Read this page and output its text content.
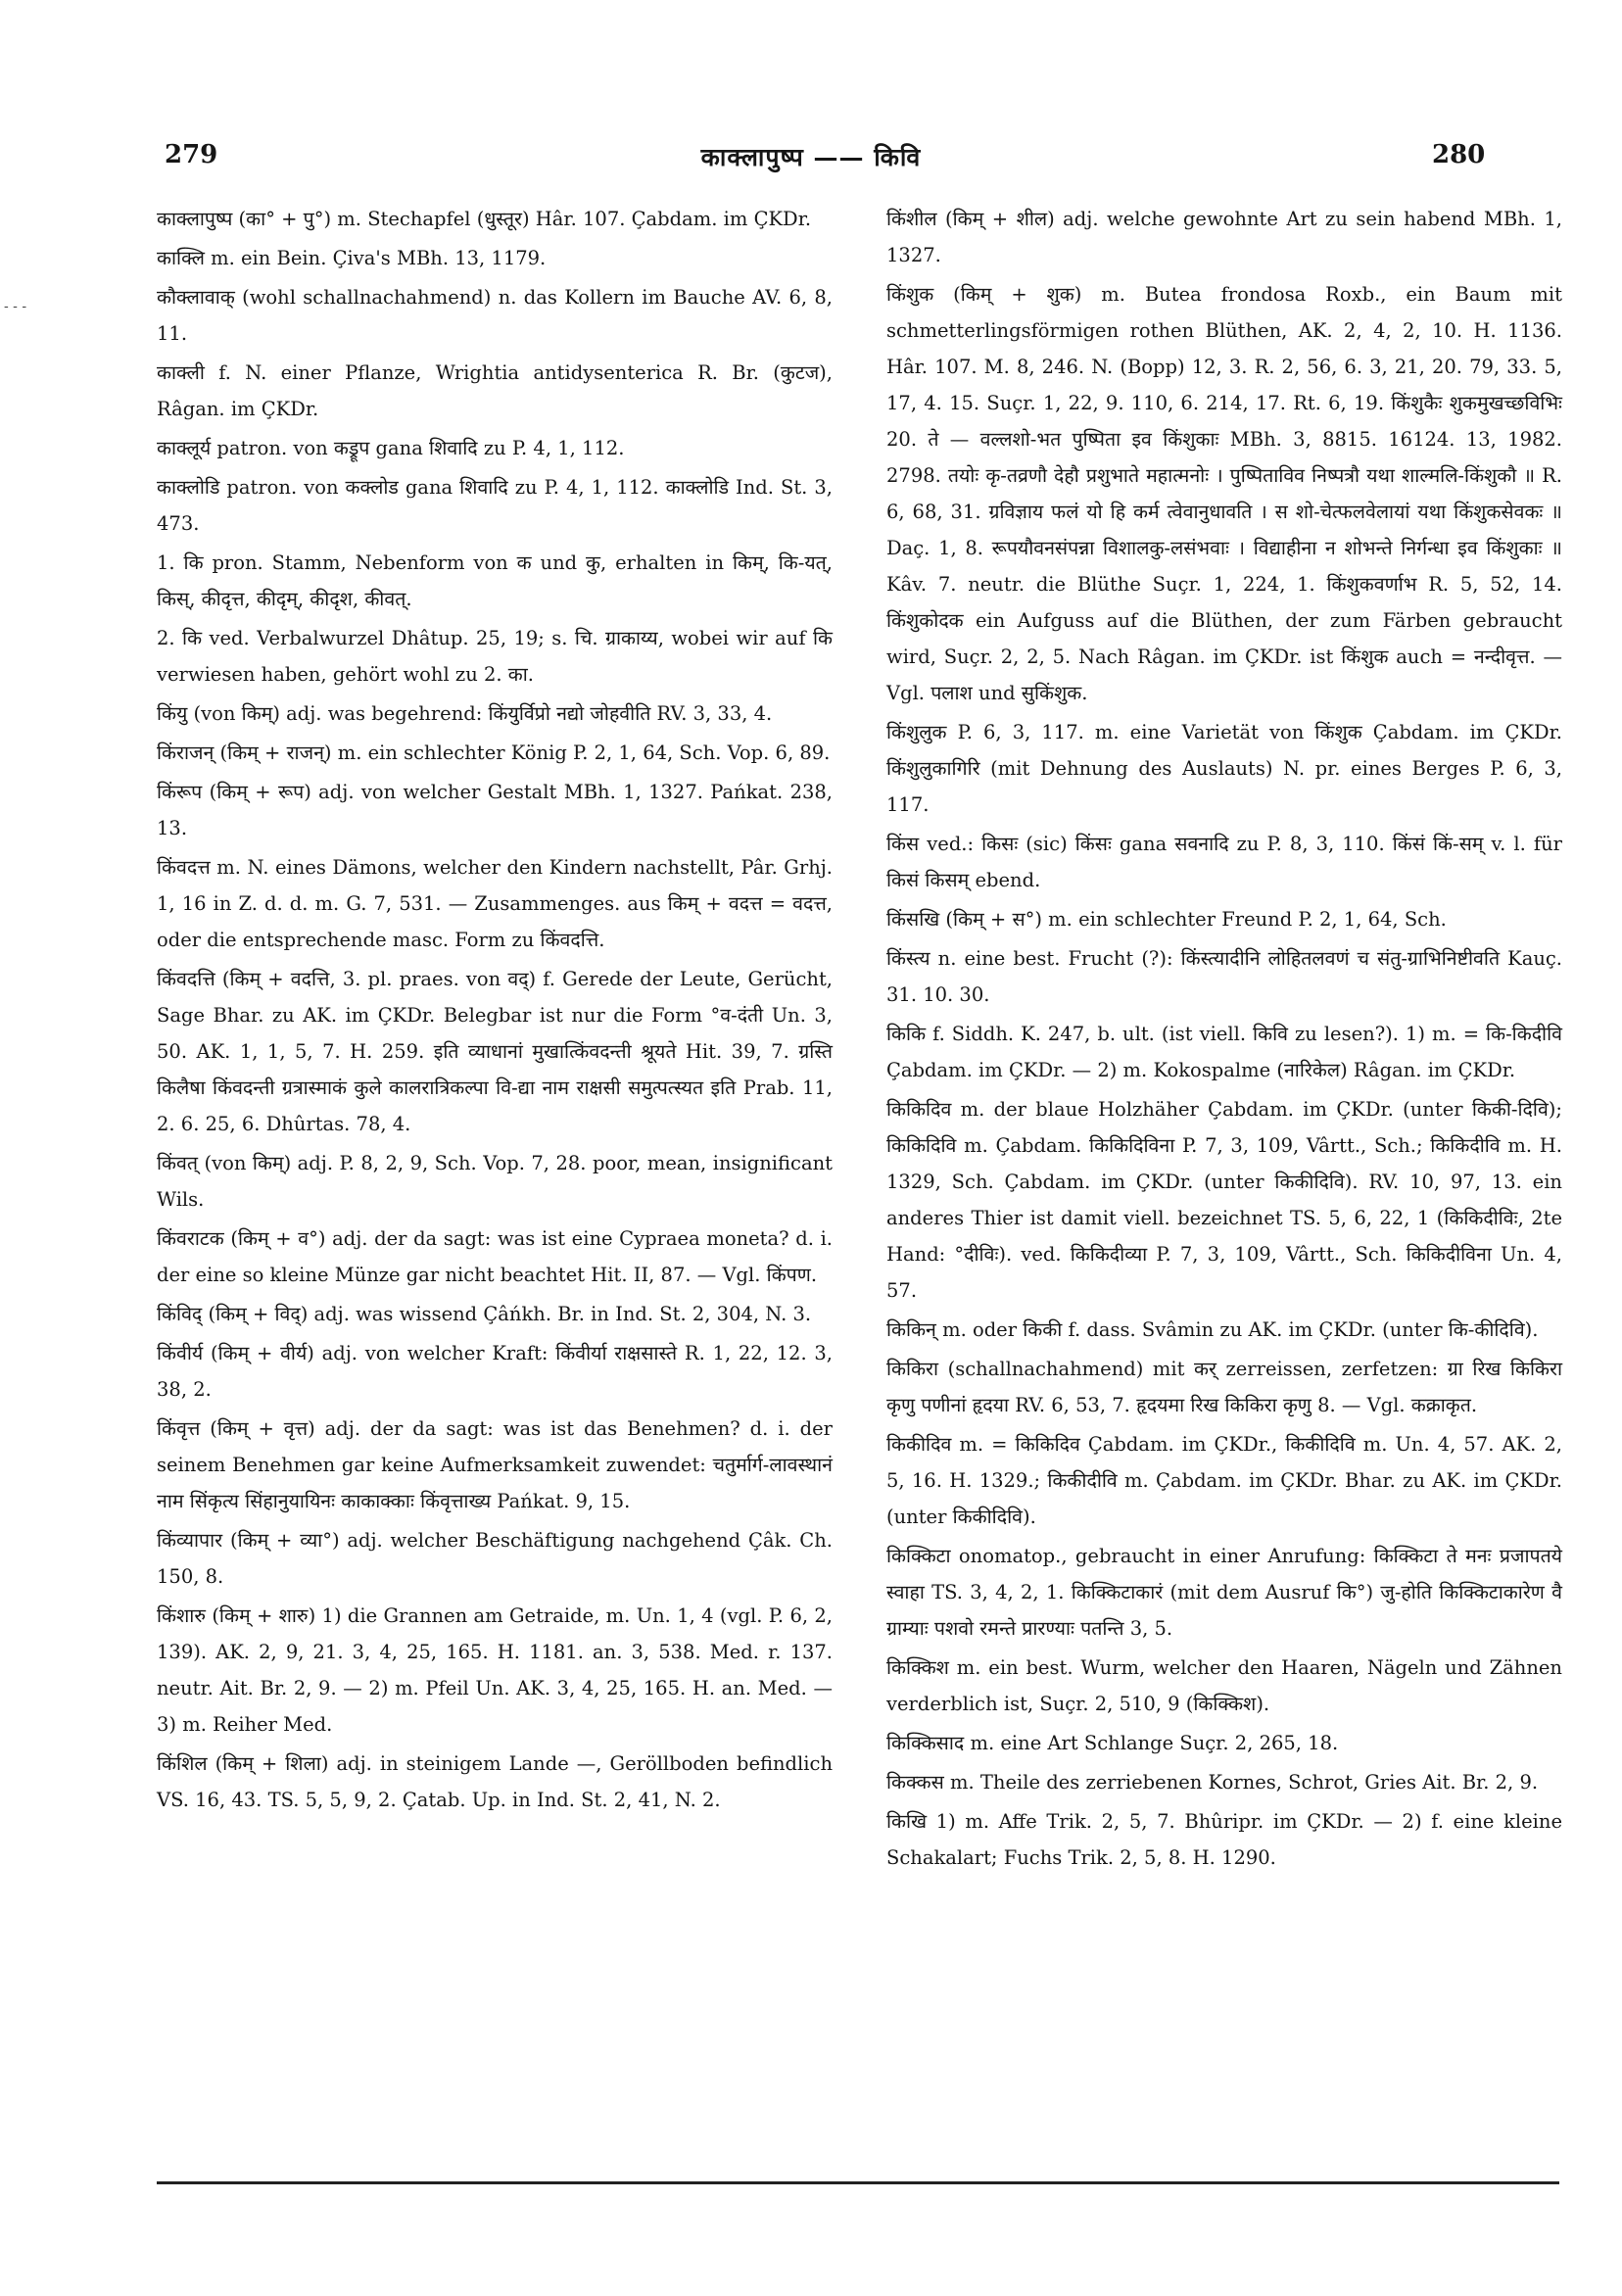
279	काक्लापुष्प —— किवि	280
- - -

काक्लापुष्प (का° + पु°) m. Stechapfel (धुस्तूर) Hâr. 107. Çabdam. im ÇKDr.

काक्लि m. ein Bein. Çiva's MBh. 13, 1179.

कौक्लावाक् (wohl schallnachahmend) n. das Kollern im Bauche AV. 6, 8, 11.

काक्ली f. N. einer Pflanze, Wrightia antidysenterica R. Br. (कुटज), Râgan. im ÇKDr.

काक्लूर्य patron. von कड्रूप gana शिवादि zu P. 4, 1, 112.

काक्लोडि patron. von कक्लोड gana शिवादि zu P. 4, 1, 112. काक्लोडि Ind. St. 3, 473.

1. कि pron. Stamm, Nebenform von क und कु, erhalten in किम्, कि-यत्, किस्, कीदृत्त, कीदृम्, कीदृश, कीवत्.

2. कि ved. Verbalwurzel Dhâtup. 25, 19; s. चि. ग्राकाय्य, wobei wir auf कि verwiesen haben, gehört wohl zu 2. का.

किंयु (von किम्) adj. was begehrend: किंयुर्विप्रो नद्यो जोहवीति RV. 3, 33, 4.

किंराजन् (किम् + राजन्) m. ein schlechter König P. 2, 1, 64, Sch. Vop. 6, 89.

किंरूप (किम् + रूप) adj. von welcher Gestalt MBh. 1, 1327. Pańkat. 238, 13.

किंवदत्त m. N. eines Dämons, welcher den Kindern nachstellt, Pâr. Grhj. 1, 16 in Z. d. d. m. G. 7, 531. — Zusammenges. aus किम् + वदत्त = वदत्त, oder die entsprechende masc. Form zu किंवदत्ति.

किंवदत्ति (किम् + वदत्ति, 3. pl. praes. von वद्) f. Gerede der Leute, Gerücht, Sage Bhar. zu AK. im ÇKDr. Belegbar ist nur die Form °व-दंती Un. 3, 50. AK. 1, 1, 5, 7. H. 259. इति व्याधानां मुखात्किंवदन्ती श्रूयते Hit. 39, 7. ग्रस्ति किलैषा किंवदन्ती ग्रत्रास्माकं कुले कालरात्रिकल्पा वि-द्या नाम राक्षसी समुत्पत्स्यत इति Prab. 11, 2. 6. 25, 6. Dhûrtas. 78, 4.

किंवत् (von किम्) adj. P. 8, 2, 9, Sch. Vop. 7, 28. poor, mean, insignificant Wils.

किंवराटक (किम् + व°) adj. der da sagt: was ist eine Cypraea moneta? d. i. der eine so kleine Münze gar nicht beachtet Hit. II, 87. — Vgl. किंपण.

किंविद् (किम् + विद्) adj. was wissend Çâńkh. Br. in Ind. St. 2, 304, N. 3.

किंवीर्य (किम् + वीर्य) adj. von welcher Kraft: किंवीर्या राक्षसास्ते R. 1, 22, 12. 3, 38, 2.

किंवृत्त (किम् + वृत्त) adj. der da sagt: was ist das Benehmen? d. i. der seinem Benehmen gar keine Aufmerksamkeit zuwendet: चतुर्मार्ग-लावस्थानं नाम सिंकृत्य सिंहानुयायिनः काकाक्काः किंवृत्ताख्य Pańkat. 9, 15.

किंव्यापार (किम् + व्या°) adj. welcher Beschäftigung nachgehend Çâk. Ch. 150, 8.

किंशारु (किम् + शारु) 1) die Grannen am Getraide, m. Un. 1, 4 (vgl. P. 6, 2, 139). AK. 2, 9, 21. 3, 4, 25, 165. H. 1181. an. 3, 538. Med. r. 137. neutr. Ait. Br. 2, 9. — 2) m. Pfeil Un. AK. 3, 4, 25, 165. H. an. Med. — 3) m. Reiher Med.

किंशिल (किम् + शिला) adj. in steinigem Lande —, Geröllboden befindlich VS. 16, 43. TS. 5, 5, 9, 2. Çatab. Up. in Ind. St. 2, 41, N. 2.

किंशील (किम् + शील) adj. welche gewohnte Art zu sein habend MBh. 1, 1327.

किंशुक (किम् + शुक) m. Butea frondosa Roxb., ein Baum mit schmetterlingsförmigen rothen Blüthen, AK. 2, 4, 2, 10. H. 1136. Hâr. 107. M. 8, 246. N. (Bopp) 12, 3. R. 2, 56, 6. 3, 21, 20. 79, 33. 5, 17, 4. 15. Suçr. 1, 22, 9. 110, 6. 214, 17. Rt. 6, 19. किंशुकैः शुकमुखच्छविभिः 20. ते — वल्लशो-भत पुष्पिता इव किंशुकाः MBh. 3, 8815. 16124. 13, 1982. 2798. तयोः कृ-तव्रणौ देहौ प्रशुभाते महात्मनोः । पुष्पिताविव निष्पत्रौ यथा शाल्मलि-किंशुकौ ॥ R. 6, 68, 31. ग्रविज्ञाय फलं यो हि कर्म त्वेवानुधावति । स शो-चेत्फलवेलायां यथा किंशुकसेवकः ॥ Daç. 1, 8. रूपयौवनसंपन्ना विशालकु-लसंभवाः । विद्याहीना न शोभन्ते निर्गन्धा इव किंशुकाः ॥ Kâv. 7. neutr. die Blüthe Suçr. 1, 224, 1. किंशुकवर्णाभ R. 5, 52, 14. किंशुकोदक ein Aufguss auf die Blüthen, der zum Färben gebraucht wird, Suçr. 2, 2, 5. Nach Râgan. im ÇKDr. ist किंशुक auch = नन्दीवृत्त. — Vgl. पलाश und सुकिंशुक.

किंशुलुक P. 6, 3, 117. m. eine Varietät von किंशुक Çabdam. im ÇKDr. किंशुलुकागिरि (mit Dehnung des Auslauts) N. pr. eines Berges P. 6, 3, 117.

किंस ved.: किसः (sic) किंसः gana सवनादि zu P. 8, 3, 110. किंसं किं-सम् v. l. für किसं किसम् ebend.

किंसखि (किम् + स°) m. ein schlechter Freund P. 2, 1, 64, Sch.

किंस्त्य n. eine best. Frucht (?): किंस्त्यादीनि लोहितलवणं च संतु-ग्राभिनिष्टीवति Kauç. 31. 10. 30.

किकि f. Siddh. K. 247, b. ult. (ist viell. किवि zu lesen?). 1) m. = कि-किदीवि Çabdam. im ÇKDr. — 2) m. Kokospalme (नारिकेल) Râgan. im ÇKDr.

किकिदिव m. der blaue Holzhäher Çabdam. im ÇKDr. (unter किकी-दिवि); किकिदिवि m. Çabdam. किकिदिविना P. 7, 3, 109, Vârtt., Sch.; किकिदीवि m. H. 1329, Sch. Çabdam. im ÇKDr. (unter किकीदिवि). RV. 10, 97, 13. ein anderes Thier ist damit viell. bezeichnet TS. 5, 6, 22, 1 (किकिदीविः, 2te Hand: °दीविः). ved. किकिदीव्या P. 7, 3, 109, Vârtt., Sch. किकिदीविना Un. 4, 57.

किकिन् m. oder किकी f. dass. Svâmin zu AK. im ÇKDr. (unter कि-कीदिवि).

किकिरा (schallnachahmend) mit कर् zerreissen, zerfetzen: ग्रा रिख किकिरा कृणु पणीनां हृदया RV. 6, 53, 7. हृदयमा रिख किकिरा कृणु 8. — Vgl. कक्राकृत.

किकीदिव m. = किकिदिव Çabdam. im ÇKDr., किकीदिवि m. Un. 4, 57. AK. 2, 5, 16. H. 1329.; किकीदीवि m. Çabdam. im ÇKDr. Bhar. zu AK. im ÇKDr. (unter किकीदिवि).

किक्किटा onomatop., gebraucht in einer Anrufung: किक्किटा ते मनः प्रजापतये स्वाहा TS. 3, 4, 2, 1. किक्किटाकारं (mit dem Ausruf कि°) जु-होति किक्किटाकारेण वै ग्राम्याः पशवो रमन्ते प्रारण्याः पतन्ति 3, 5.

किक्किश m. ein best. Wurm, welcher den Haaren, Nägeln und Zähnen verderblich ist, Suçr. 2, 510, 9 (किक्किश).

किक्किसाद m. eine Art Schlange Suçr. 2, 265, 18.

किक्कस m. Theile des zerriebenen Kornes, Schrot, Gries Ait. Br. 2, 9.

किखि 1) m. Affe Trik. 2, 5, 7. Bhûripr. im ÇKDr. — 2) f. eine kleine Schakalart; Fuchs Trik. 2, 5, 8. H. 1290.
